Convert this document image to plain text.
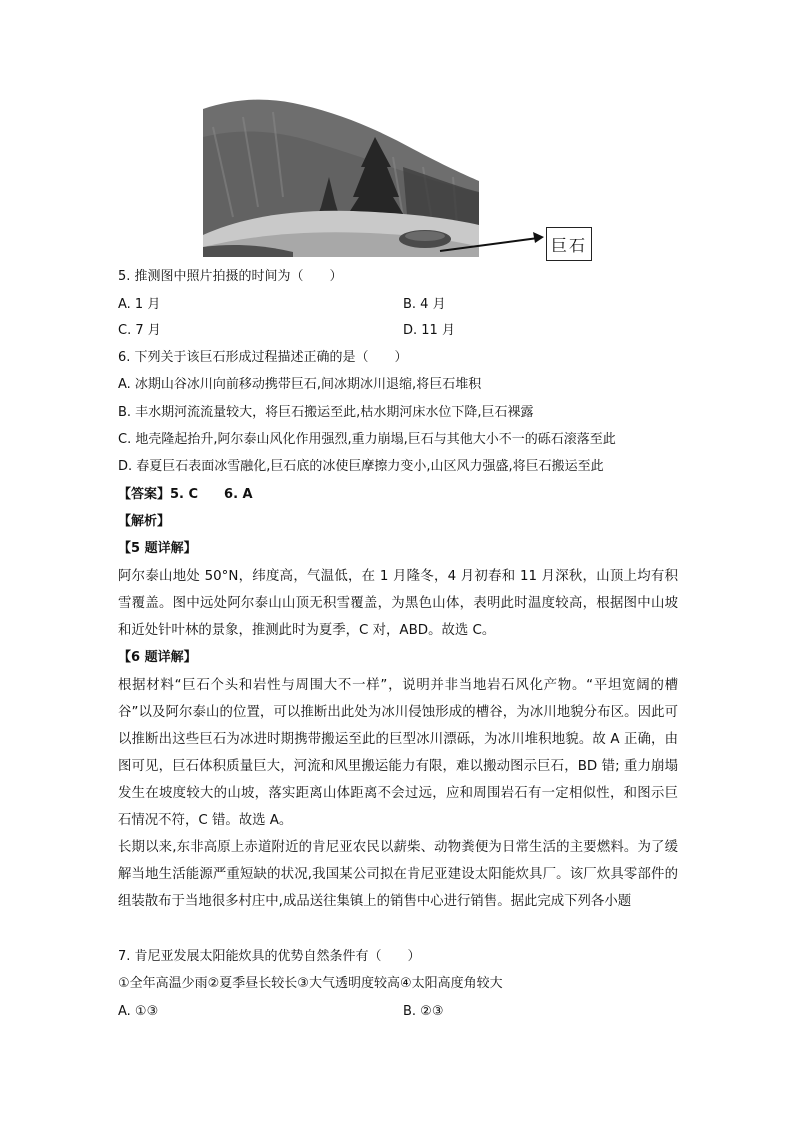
巨石
5. 推测图中照片拍摄的时间为（　　）
A. 1 月	B. 4 月
C. 7 月	D. 11 月
6. 下列关于该巨石形成过程描述正确的是（　　）
A. 冰期山谷冰川向前移动携带巨石,间冰期冰川退缩,将巨石堆积
B. 丰水期河流流量较大，将巨石搬运至此,枯水期河床水位下降,巨石裸露
C. 地壳隆起抬升,阿尔泰山风化作用强烈,重力崩塌,巨石与其他大小不一的砾石滚落至此
D. 春夏巨石表面冰雪融化,巨石底的冰使巨摩擦力变小,山区风力强盛,将巨石搬运至此
【答案】5. C　　6. A
【解析】
【5 题详解】
阿尔泰山地处 50°N，纬度高，气温低，在 1 月隆冬，4 月初春和 11 月深秋，山顶上均有积雪覆盖。图中远处阿尔泰山山顶无积雪覆盖，为黑色山体，表明此时温度较高，根据图中山坡和近处针叶林的景象，推测此时为夏季，C 对，ABD。故选 C。
【6 题详解】
根据材料“巨石个头和岩性与周围大不一样”，说明并非当地岩石风化产物。“平坦宽阔的槽谷”以及阿尔泰山的位置，可以推断出此处为冰川侵蚀形成的槽谷，为冰川地貌分布区。因此可以推断出这些巨石为冰进时期携带搬运至此的巨型冰川漂砾，为冰川堆积地貌。故 A 正确，由图可见，巨石体积质量巨大，河流和风里搬运能力有限，难以搬动图示巨石，BD 错; 重力崩塌发生在坡度较大的山坡，落实距离山体距离不会过远，应和周围岩石有一定相似性，和图示巨石情况不符，C 错。故选 A。
长期以来,东非高原上赤道附近的肯尼亚农民以薪柴、动物粪便为日常生活的主要燃料。为了缓解当地生活能源严重短缺的状况,我国某公司拟在肯尼亚建设太阳能炊具厂。该厂炊具零部件的组装散布于当地很多村庄中,成品送往集镇上的销售中心进行销售。据此完成下列各小题
7. 肯尼亚发展太阳能炊具的优势自然条件有（　　）
①全年高温少雨②夏季昼长较长③大气透明度较高④太阳高度角较大
A. ①③	B. ②③
